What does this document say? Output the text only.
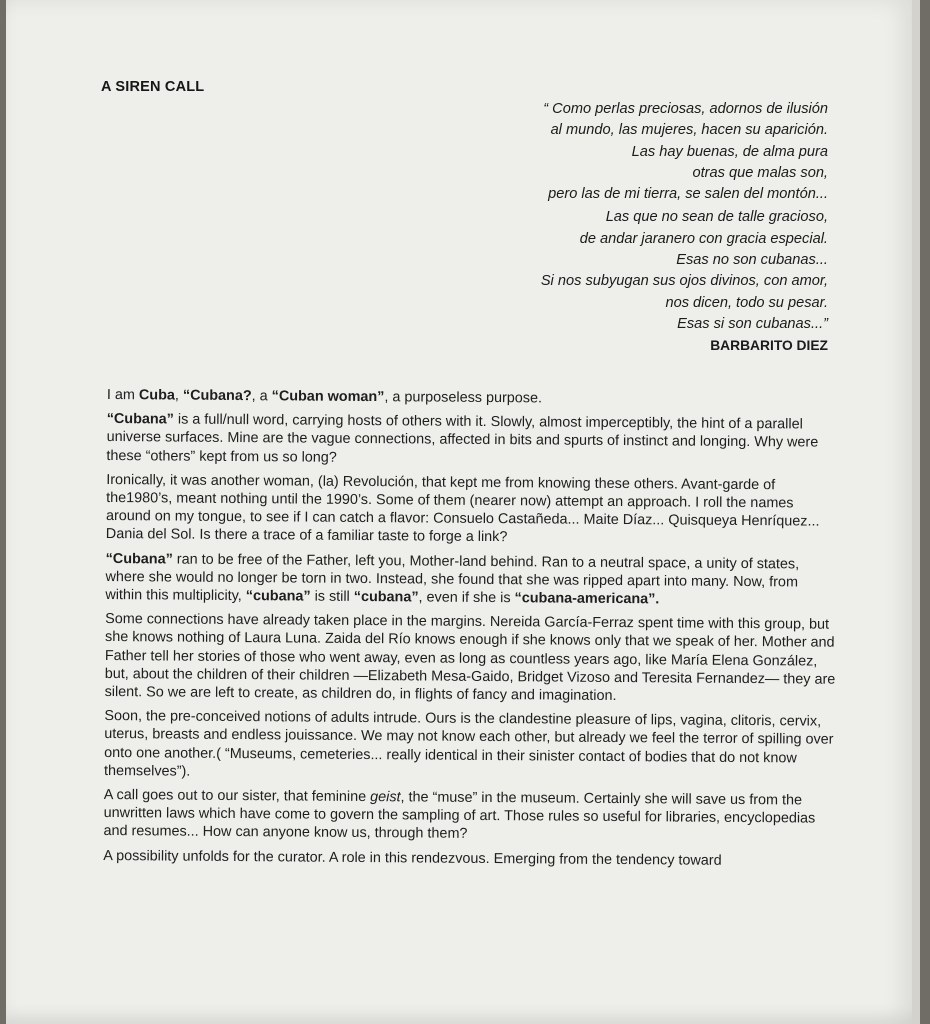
A SIREN CALL
“ Como perlas preciosas, adornos de ilusión
al mundo, las mujeres, hacen su aparición.
Las hay buenas, de alma pura
otras que malas son,
pero las de mi tierra, se salen del montón...
Las que no sean de talle gracioso,
de andar jaranero con gracia especial.
Esas no son cubanas...
Si nos subyugan sus ojos divinos, con amor,
nos dicen, todo su pesar.
Esas si son cubanas...”
BARBARITO DIEZ

I am Cuba, “Cubana?, a “Cuban woman”, a purposeless purpose.

“Cubana” is a full/null word, carrying hosts of others with it. Slowly, almost imperceptibly, the hint of a parallel universe surfaces. Mine are the vague connections, affected in bits and spurts of instinct and longing. Why were these “others” kept from us so long?

Ironically, it was another woman, (la) Revolución, that kept me from knowing these others. Avant-garde of the1980’s, meant nothing until the 1990’s. Some of them (nearer now) attempt an approach. I roll the names around on my tongue, to see if I can catch a flavor: Consuelo Castañeda... Maite Díaz... Quisqueya Henríquez... Dania del Sol. Is there a trace of a familiar taste to forge a link?

“Cubana” ran to be free of the Father, left you, Mother-land behind. Ran to a neutral space, a unity of states, where she would no longer be torn in two. Instead, she found that she was ripped apart into many. Now, from within this multiplicity, “cubana” is still “cubana”, even if she is “cubana-americana”.

Some connections have already taken place in the margins. Nereida García-Ferraz spent time with this group, but she knows nothing of Laura Luna. Zaida del Río knows enough if she knows only that we speak of her. Mother and Father tell her stories of those who went away, even as long as countless years ago, like María Elena González, but, about the children of their children —Elizabeth Mesa-Gaido, Bridget Vizoso and Teresita Fernandez— they are silent. So we are left to create, as children do, in flights of fancy and imagination.

Soon, the pre-conceived notions of adults intrude. Ours is the clandestine pleasure of lips, vagina, clitoris, cervix, uterus, breasts and endless jouissance. We may not know each other, but already we feel the terror of spilling over onto one another.( “Museums, cemeteries... really identical in their sinister contact of bodies that do not know themselves”).

A call goes out to our sister, that feminine geist, the “muse” in the museum. Certainly she will save us from the unwritten laws which have come to govern the sampling of art. Those rules so useful for libraries, encyclopedias and resumes... How can anyone know us, through them?

A possibility unfolds for the curator. A role in this rendezvous. Emerging from the tendency toward
